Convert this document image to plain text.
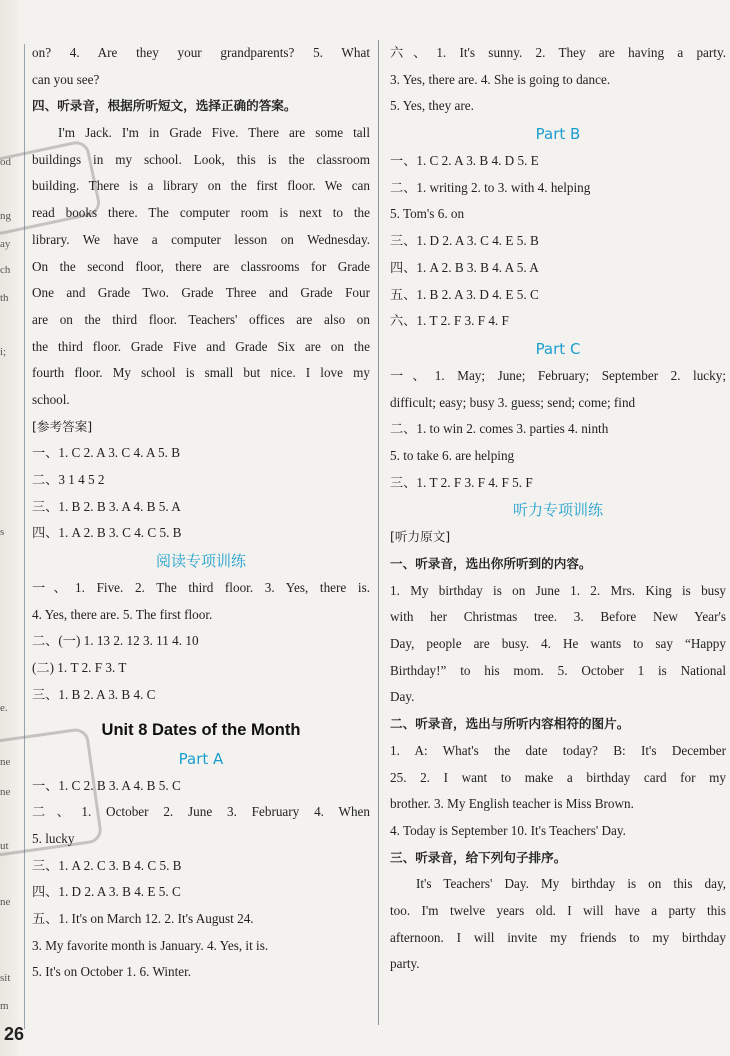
od
ng
ay
ch
th
i;
s
e.
ne
ne
ut
ne
sit
m
on? 4. Are they your grandparents? 5. What
can you see?
四、听录音，根据所听短文，选择正确的答案。
I'm Jack. I'm in Grade Five. There are some tall
buildings in my school. Look, this is the classroom
building. There is a library on the first floor. We can
read books there. The computer room is next to the
library. We have a computer lesson on Wednesday.
On the second floor, there are classrooms for Grade
One and Grade Two. Grade Three and Grade Four
are on the third floor. Teachers' offices are also on
the third floor. Grade Five and Grade Six are on the
fourth floor. My school is small but nice. I love my
school.
[参考答案]
一、1. C 2. A 3. C 4. A 5. B
二、3 1 4 5 2
三、1. B 2. B 3. A 4. B 5. A
四、1. A 2. B 3. C 4. C 5. B
阅读专项训练
一、1. Five. 2. The third floor. 3. Yes, there is.
4. Yes, there are. 5. The first floor.
二、(一) 1. 13 2. 12 3. 11 4. 10
(二) 1. T 2. F 3. T
三、1. B 2. A 3. B 4. C
Unit 8 Dates of the Month
Part A
一、1. C 2. B 3. A 4. B 5. C
二、1. October 2. June 3. February 4. When
5. lucky
三、1. A 2. C 3. B 4. C 5. B
四、1. D 2. A 3. B 4. E 5. C
五、1. It's on March 12. 2. It's August 24.
3. My favorite month is January. 4. Yes, it is.
5. It's on October 1. 6. Winter.
六、1. It's sunny. 2. They are having a party.
3. Yes, there are. 4. She is going to dance.
5. Yes, they are.
Part B
一、1. C 2. A 3. B 4. D 5. E
二、1. writing 2. to 3. with 4. helping
5. Tom's 6. on
三、1. D 2. A 3. C 4. E 5. B
四、1. A 2. B 3. B 4. A 5. A
五、1. B 2. A 3. D 4. E 5. C
六、1. T 2. F 3. F 4. F
Part C
一、1. May; June; February; September 2. lucky;
difficult; easy; busy 3. guess; send; come; find
二、1. to win 2. comes 3. parties 4. ninth
5. to take 6. are helping
三、1. T 2. F 3. F 4. F 5. F
听力专项训练
[听力原文]
一、听录音，选出你所听到的内容。
1. My birthday is on June 1. 2. Mrs. King is busy
with her Christmas tree. 3. Before New Year's
Day, people are busy. 4. He wants to say “Happy
Birthday!” to his mom. 5. October 1 is National
Day.
二、听录音，选出与所听内容相符的图片。
1. A: What's the date today? B: It's December
25. 2. I want to make a birthday card for my
brother. 3. My English teacher is Miss Brown.
4. Today is September 10. It's Teachers' Day.
三、听录音，给下列句子排序。
It's Teachers' Day. My birthday is on this day,
too. I'm twelve years old. I will have a party this
afternoon. I will invite my friends to my birthday
party.
26
